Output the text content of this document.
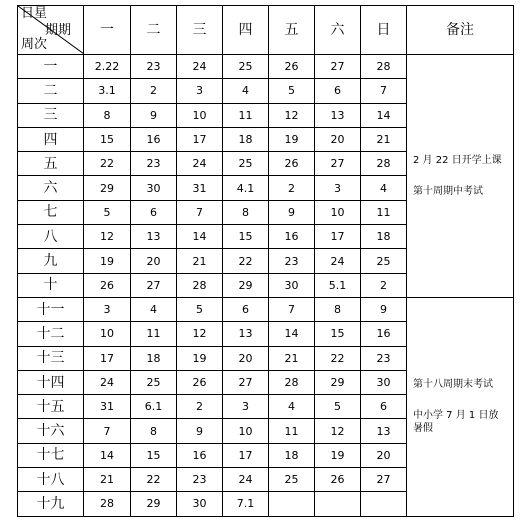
日星
期期
周次	一	二	三	四	五	六	日	备注
一	2.22	23	24	25	26	27	28	2 月 22 日开学上课

第十周期中考试

二	3.1	2	3	4	5	6	7	
三	8	9	10	11	12	13	14	
四	15	16	17	18	19	20	21	
五	22	23	24	25	26	27	28	
六	29	30	31	4.1	2	3	4	
七	5	6	7	8	9	10	11	
八	12	13	14	15	16	17	18	
九	19	20	21	22	23	24	25	
十	26	27	28	29	30	5.1	2	
十一	3	4	5	6	7	8	9	第十八周期末考试

中小学 7 月 1 日放暑假

十二	10	11	12	13	14	15	16	
十三	17	18	19	20	21	22	23	
十四	24	25	26	27	28	29	30	
十五	31	6.1	2	3	4	5	6	
十六	7	8	9	10	11	12	13	
十七	14	15	16	17	18	19	20	
十八	21	22	23	24	25	26	27	
十九	28	29	30	7.1				
